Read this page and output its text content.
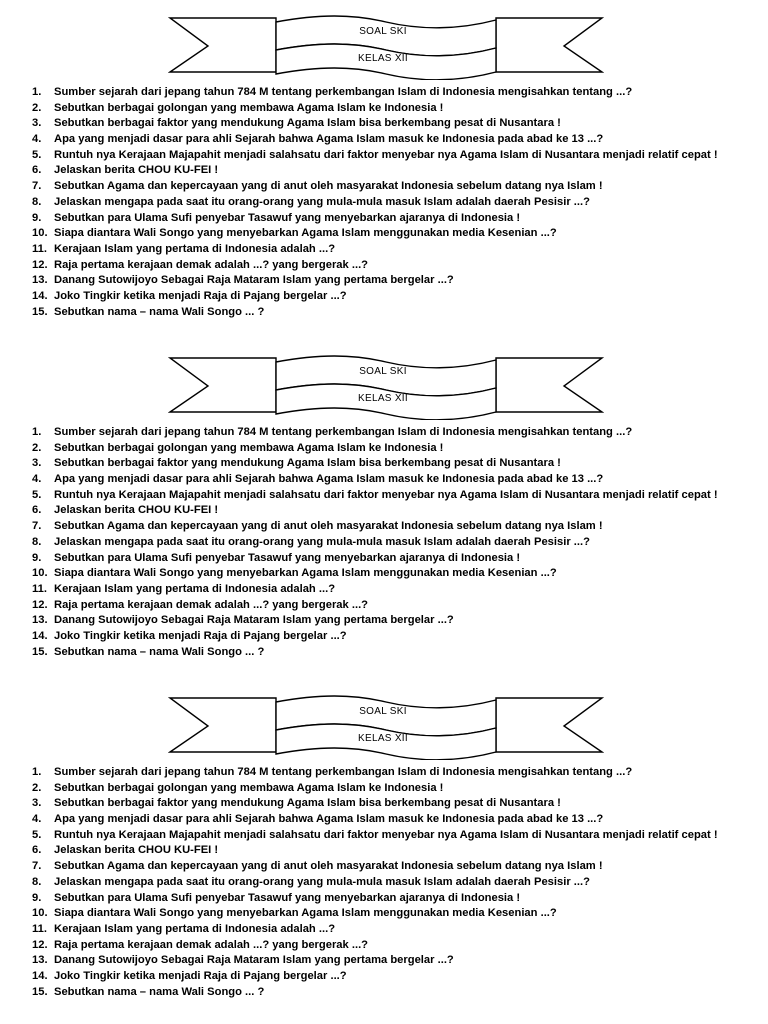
SOAL SKI
KELAS XII
1.	Sumber sejarah dari jepang tahun 784 M tentang perkembangan Islam di Indonesia mengisahkan tentang ...?
2.	Sebutkan berbagai golongan yang membawa Agama Islam ke Indonesia !
3.	Sebutkan berbagai faktor yang mendukung Agama Islam bisa berkembang pesat di Nusantara !
4.	Apa yang menjadi dasar para ahli Sejarah bahwa Agama Islam masuk ke Indonesia pada abad ke 13 ...?
5.	Runtuh nya Kerajaan Majapahit menjadi salahsatu dari faktor menyebar nya Agama Islam di Nusantara menjadi relatif cepat !
6.	Jelaskan berita CHOU KU-FEI !
7.	Sebutkan Agama dan kepercayaan yang di anut oleh masyarakat Indonesia sebelum datang nya Islam !
8.	Jelaskan mengapa pada saat itu orang-orang yang mula-mula masuk Islam adalah daerah Pesisir ...?
9.	Sebutkan para Ulama Sufi penyebar Tasawuf yang menyebarkan ajaranya di Indonesia !
10. Siapa diantara Wali Songo yang menyebarkan Agama Islam menggunakan media Kesenian ...?
11. Kerajaan Islam yang pertama di Indonesia adalah ...?
12. Raja pertama kerajaan demak adalah ...? yang bergerak ...?
13. Danang Sutowijoyo Sebagai Raja Mataram Islam yang pertama bergelar ...?
14. Joko Tingkir ketika menjadi Raja di Pajang bergelar ...?
15. Sebutkan nama – nama Wali Songo ... ?
SOAL SKI
KELAS XII
1.	Sumber sejarah dari jepang tahun 784 M tentang perkembangan Islam di Indonesia mengisahkan tentang ...?
2.	Sebutkan berbagai golongan yang membawa Agama Islam ke Indonesia !
3.	Sebutkan berbagai faktor yang mendukung Agama Islam bisa berkembang pesat di Nusantara !
4.	Apa yang menjadi dasar para ahli Sejarah bahwa Agama Islam masuk ke Indonesia pada abad ke 13 ...?
5.	Runtuh nya Kerajaan Majapahit menjadi salahsatu dari faktor menyebar nya Agama Islam di Nusantara menjadi relatif cepat !
6.	Jelaskan berita CHOU KU-FEI !
7.	Sebutkan Agama dan kepercayaan yang di anut oleh masyarakat Indonesia sebelum datang nya Islam !
8.	Jelaskan mengapa pada saat itu orang-orang yang mula-mula masuk Islam adalah daerah Pesisir ...?
9.	Sebutkan para Ulama Sufi penyebar Tasawuf yang menyebarkan ajaranya di Indonesia !
10. Siapa diantara Wali Songo yang menyebarkan Agama Islam menggunakan media Kesenian ...?
11. Kerajaan Islam yang pertama di Indonesia adalah ...?
12. Raja pertama kerajaan demak adalah ...? yang bergerak ...?
13. Danang Sutowijoyo Sebagai Raja Mataram Islam yang pertama bergelar ...?
14. Joko Tingkir ketika menjadi Raja di Pajang bergelar ...?
15. Sebutkan nama – nama Wali Songo ... ?
SOAL SKI
KELAS XII
1.	Sumber sejarah dari jepang tahun 784 M tentang perkembangan Islam di Indonesia mengisahkan tentang ...?
2.	Sebutkan berbagai golongan yang membawa Agama Islam ke Indonesia !
3.	Sebutkan berbagai faktor yang mendukung Agama Islam bisa berkembang pesat di Nusantara !
4.	Apa yang menjadi dasar para ahli Sejarah bahwa Agama Islam masuk ke Indonesia pada abad ke 13 ...?
5.	Runtuh nya Kerajaan Majapahit menjadi salahsatu dari faktor menyebar nya Agama Islam di Nusantara menjadi relatif cepat !
6.	Jelaskan berita CHOU KU-FEI !
7.	Sebutkan Agama dan kepercayaan yang di anut oleh masyarakat Indonesia sebelum datang nya Islam !
8.	Jelaskan mengapa pada saat itu orang-orang yang mula-mula masuk Islam adalah daerah Pesisir ...?
9.	Sebutkan para Ulama Sufi penyebar Tasawuf yang menyebarkan ajaranya di Indonesia !
10. Siapa diantara Wali Songo yang menyebarkan Agama Islam menggunakan media Kesenian ...?
11. Kerajaan Islam yang pertama di Indonesia adalah ...?
12. Raja pertama kerajaan demak adalah ...? yang bergerak ...?
13. Danang Sutowijoyo Sebagai Raja Mataram Islam yang pertama bergelar ...?
14. Joko Tingkir ketika menjadi Raja di Pajang bergelar ...?
15. Sebutkan nama – nama Wali Songo ... ?
